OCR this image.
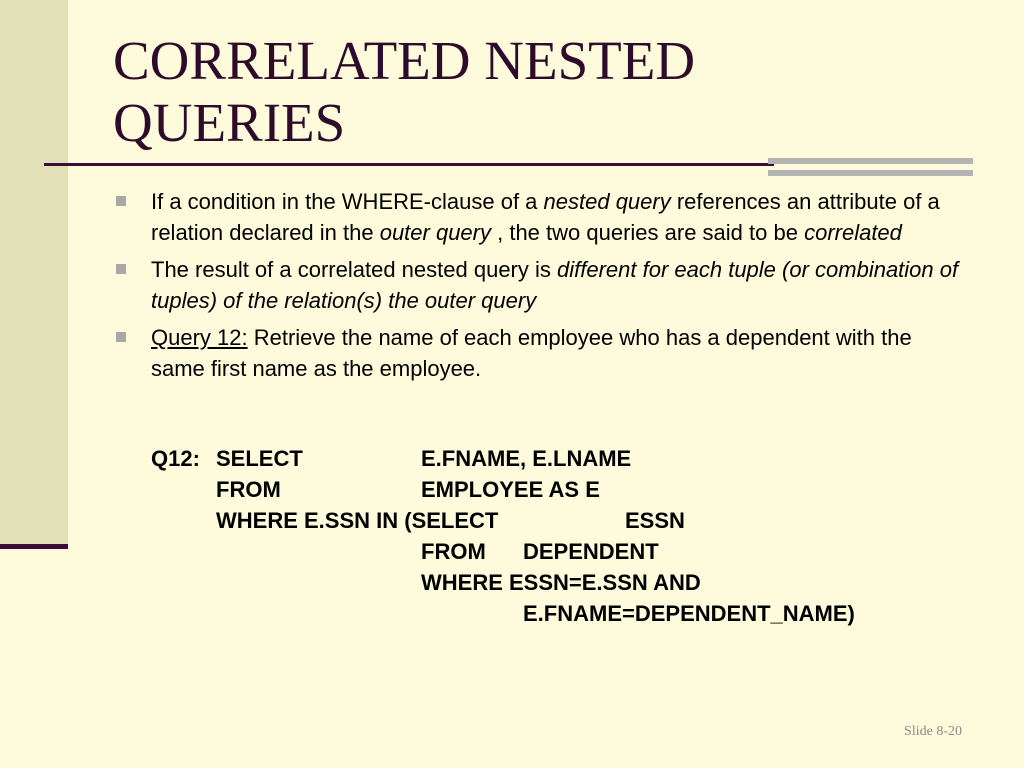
CORRELATED NESTED
QUERIES
If a condition in the WHERE-clause of a nested query references an attribute of a relation declared in the outer query , the two queries are said to be correlated
The result of a correlated nested query is different for each tuple (or combination of tuples) of the relation(s) the outer query
Query 12: Retrieve the name of each employee who has a dependent with the same first name as the employee.
Q12: SELECT	E.FNAME, E.LNAME
FROM	EMPLOYEE AS E
WHERE E.SSN IN (SELECT	ESSN
FROM DEPENDENT
WHERE ESSN=E.SSN AND
E.FNAME=DEPENDENT_NAME)
Slide 8-20
